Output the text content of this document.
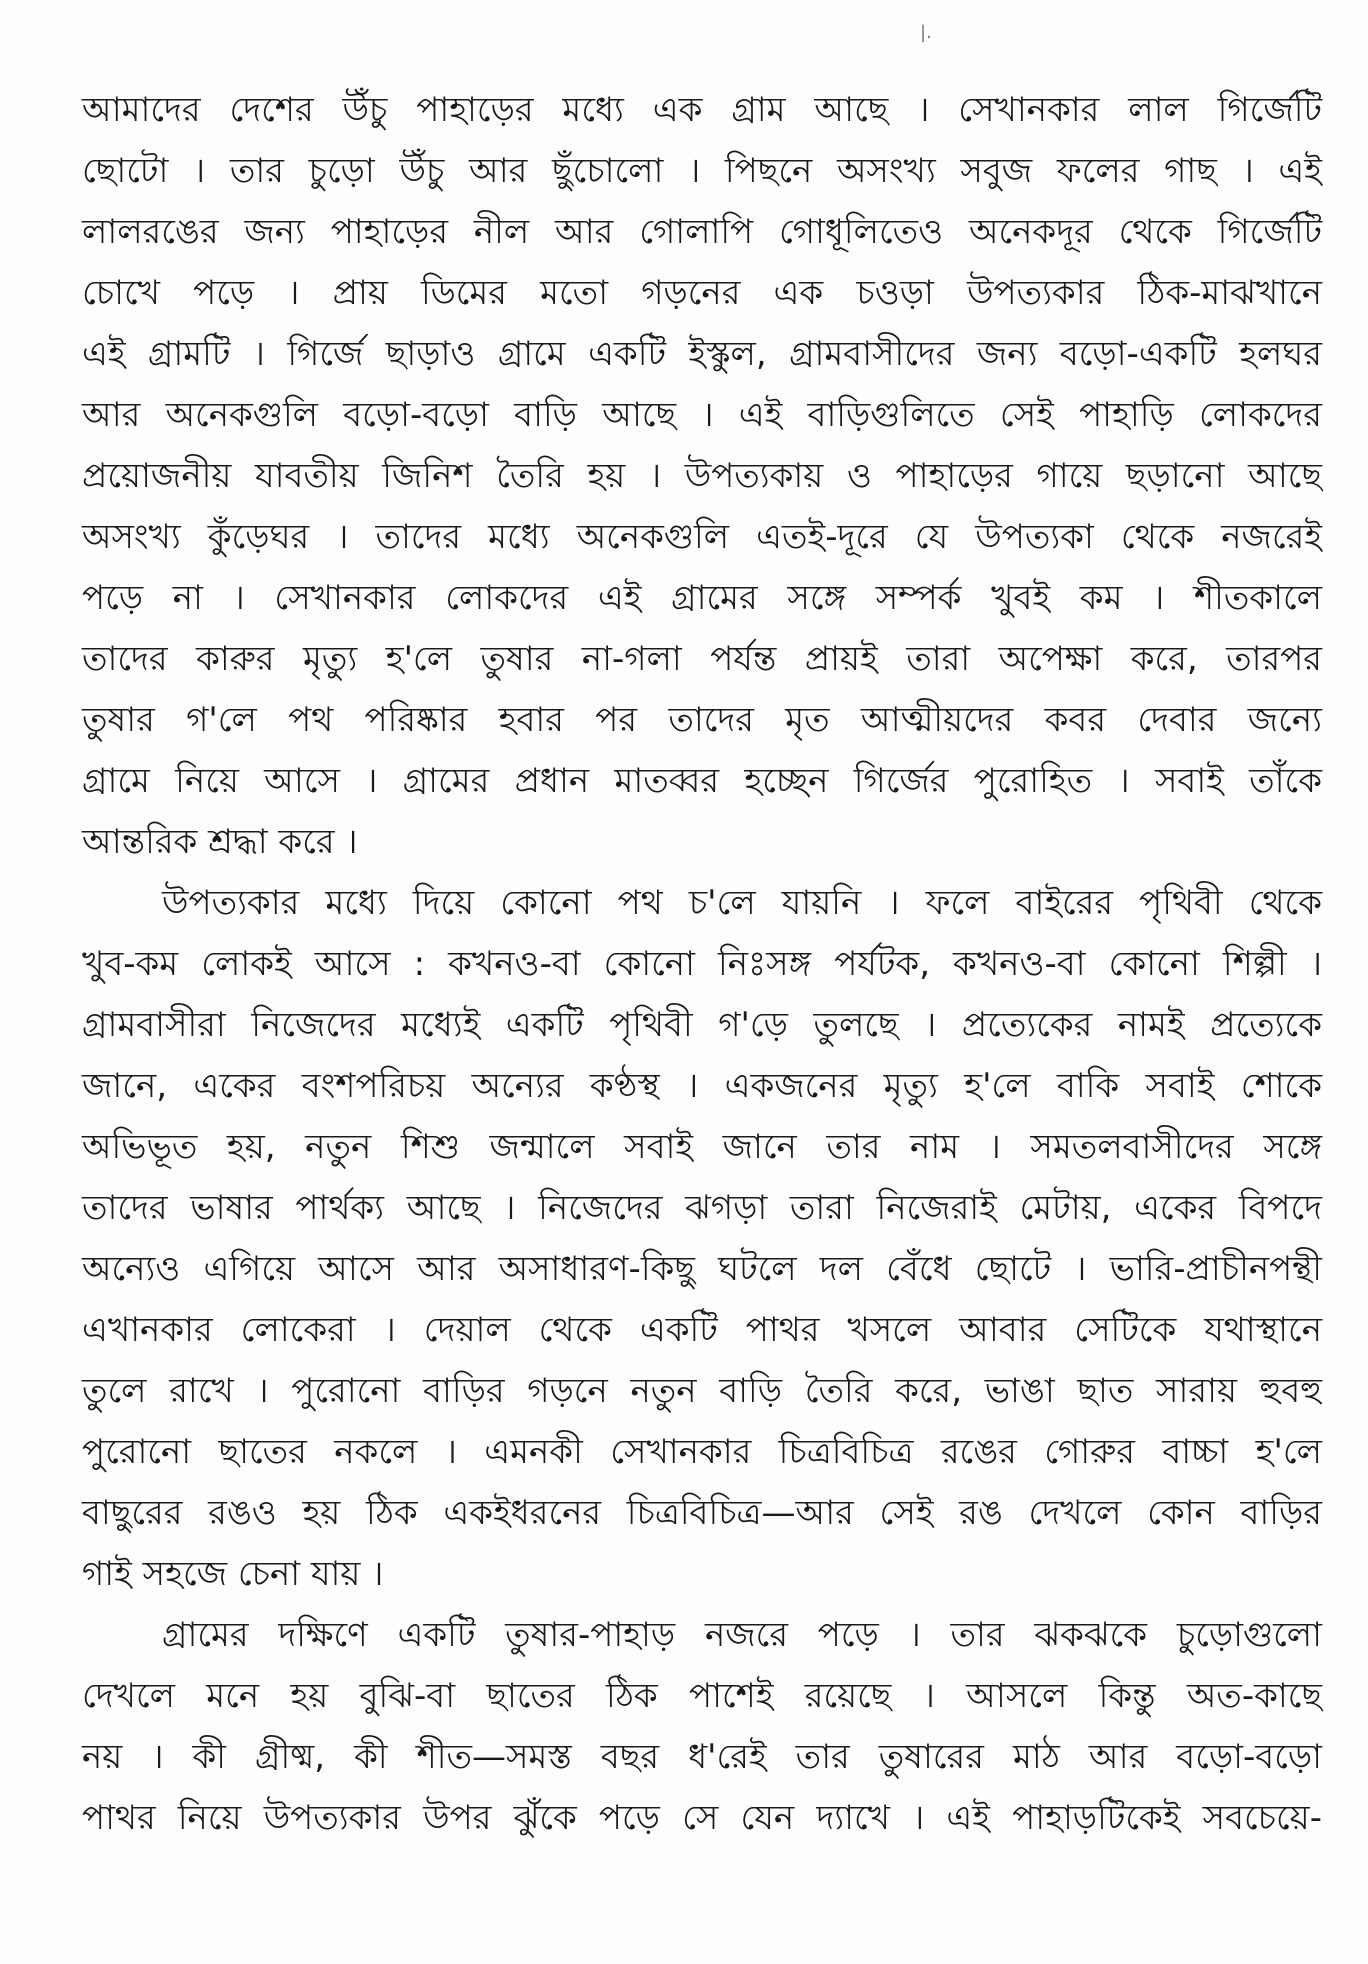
|.

আমাদের দেশের উঁচু পাহাড়ের মধ্যে এক গ্রাম আছে । সেখানকার লাল গির্জেটি
ছোটো । তার চুড়ো উঁচু আর ছুঁচোলো । পিছনে অসংখ্য সবুজ ফলের গাছ । এই
লালরঙের জন্য পাহাড়ের নীল আর গোলাপি গোধূলিতেও অনেকদূর থেকে গির্জেটি
চোখে পড়ে । প্রায় ডিমের মতো গড়নের এক চওড়া উপত্যকার ঠিক-মাঝখানে
এই গ্রামটি । গির্জে ছাড়াও গ্রামে একটি ইস্কুল, গ্রামবাসীদের জন্য বড়ো-একটি হলঘর
আর অনেকগুলি বড়ো-বড়ো বাড়ি আছে । এই বাড়িগুলিতে সেই পাহাড়ি লোকদের
প্রয়োজনীয় যাবতীয় জিনিশ তৈরি হয় । উপত্যকায় ও পাহাড়ের গায়ে ছড়ানো আছে
অসংখ্য কুঁড়েঘর । তাদের মধ্যে অনেকগুলি এতই-দূরে যে উপত্যকা থেকে নজরেই
পড়ে না । সেখানকার লোকদের এই গ্রামের সঙ্গে সম্পর্ক খুবই কম । শীতকালে
তাদের কারুর মৃত্যু হ'লে তুষার না-গলা পর্যন্ত প্রায়ই তারা অপেক্ষা করে, তারপর
তুষার গ'লে পথ পরিষ্কার হবার পর তাদের মৃত আত্মীয়দের কবর দেবার জন্যে
গ্রামে নিয়ে আসে । গ্রামের প্রধান মাতব্বর হচ্ছেন গির্জের পুরোহিত । সবাই তাঁকে
আন্তরিক শ্রদ্ধা করে ।

উপত্যকার মধ্যে দিয়ে কোনো পথ চ'লে যায়নি । ফলে বাইরের পৃথিবী থেকে
খুব-কম লোকই আসে : কখনও-বা কোনো নিঃসঙ্গ পর্যটক, কখনও-বা কোনো শিল্পী ।
গ্রামবাসীরা নিজেদের মধ্যেই একটি পৃথিবী গ'ড়ে তুলছে । প্রত্যেকের নামই প্রত্যেকে
জানে, একের বংশপরিচয় অন্যের কণ্ঠস্থ । একজনের মৃত্যু হ'লে বাকি সবাই শোকে
অভিভূত হয়, নতুন শিশু জন্মালে সবাই জানে তার নাম । সমতলবাসীদের সঙ্গে
তাদের ভাষার পার্থক্য আছে । নিজেদের ঝগড়া তারা নিজেরাই মেটায়, একের বিপদে
অন্যেও এগিয়ে আসে আর অসাধারণ-কিছু ঘটলে দল বেঁধে ছোটে । ভারি-প্রাচীনপন্থী
এখানকার লোকেরা । দেয়াল থেকে একটি পাথর খসলে আবার সেটিকে যথাস্থানে
তুলে রাখে । পুরোনো বাড়ির গড়নে নতুন বাড়ি তৈরি করে, ভাঙা ছাত সারায় হুবহু
পুরোনো ছাতের নকলে । এমনকী সেখানকার চিত্রবিচিত্র রঙের গোরুর বাচ্চা হ'লে
বাছুরের রঙও হয় ঠিক একইধরনের চিত্রবিচিত্র—আর সেই রঙ দেখলে কোন বাড়ির
গাই সহজে চেনা যায় ।

গ্রামের দক্ষিণে একটি তুষার-পাহাড় নজরে পড়ে । তার ঝকঝকে চুড়োগুলো
দেখলে মনে হয় বুঝি-বা ছাতের ঠিক পাশেই রয়েছে । আসলে কিন্তু অত-কাছে
নয় । কী গ্রীষ্ম, কী শীত—সমস্ত বছর ধ'রেই তার তুষারের মাঠ আর বড়ো-বড়ো
পাথর নিয়ে উপত্যকার উপর ঝুঁকে পড়ে সে যেন দ্যাখে । এই পাহাড়টিকেই সবচেয়ে-
